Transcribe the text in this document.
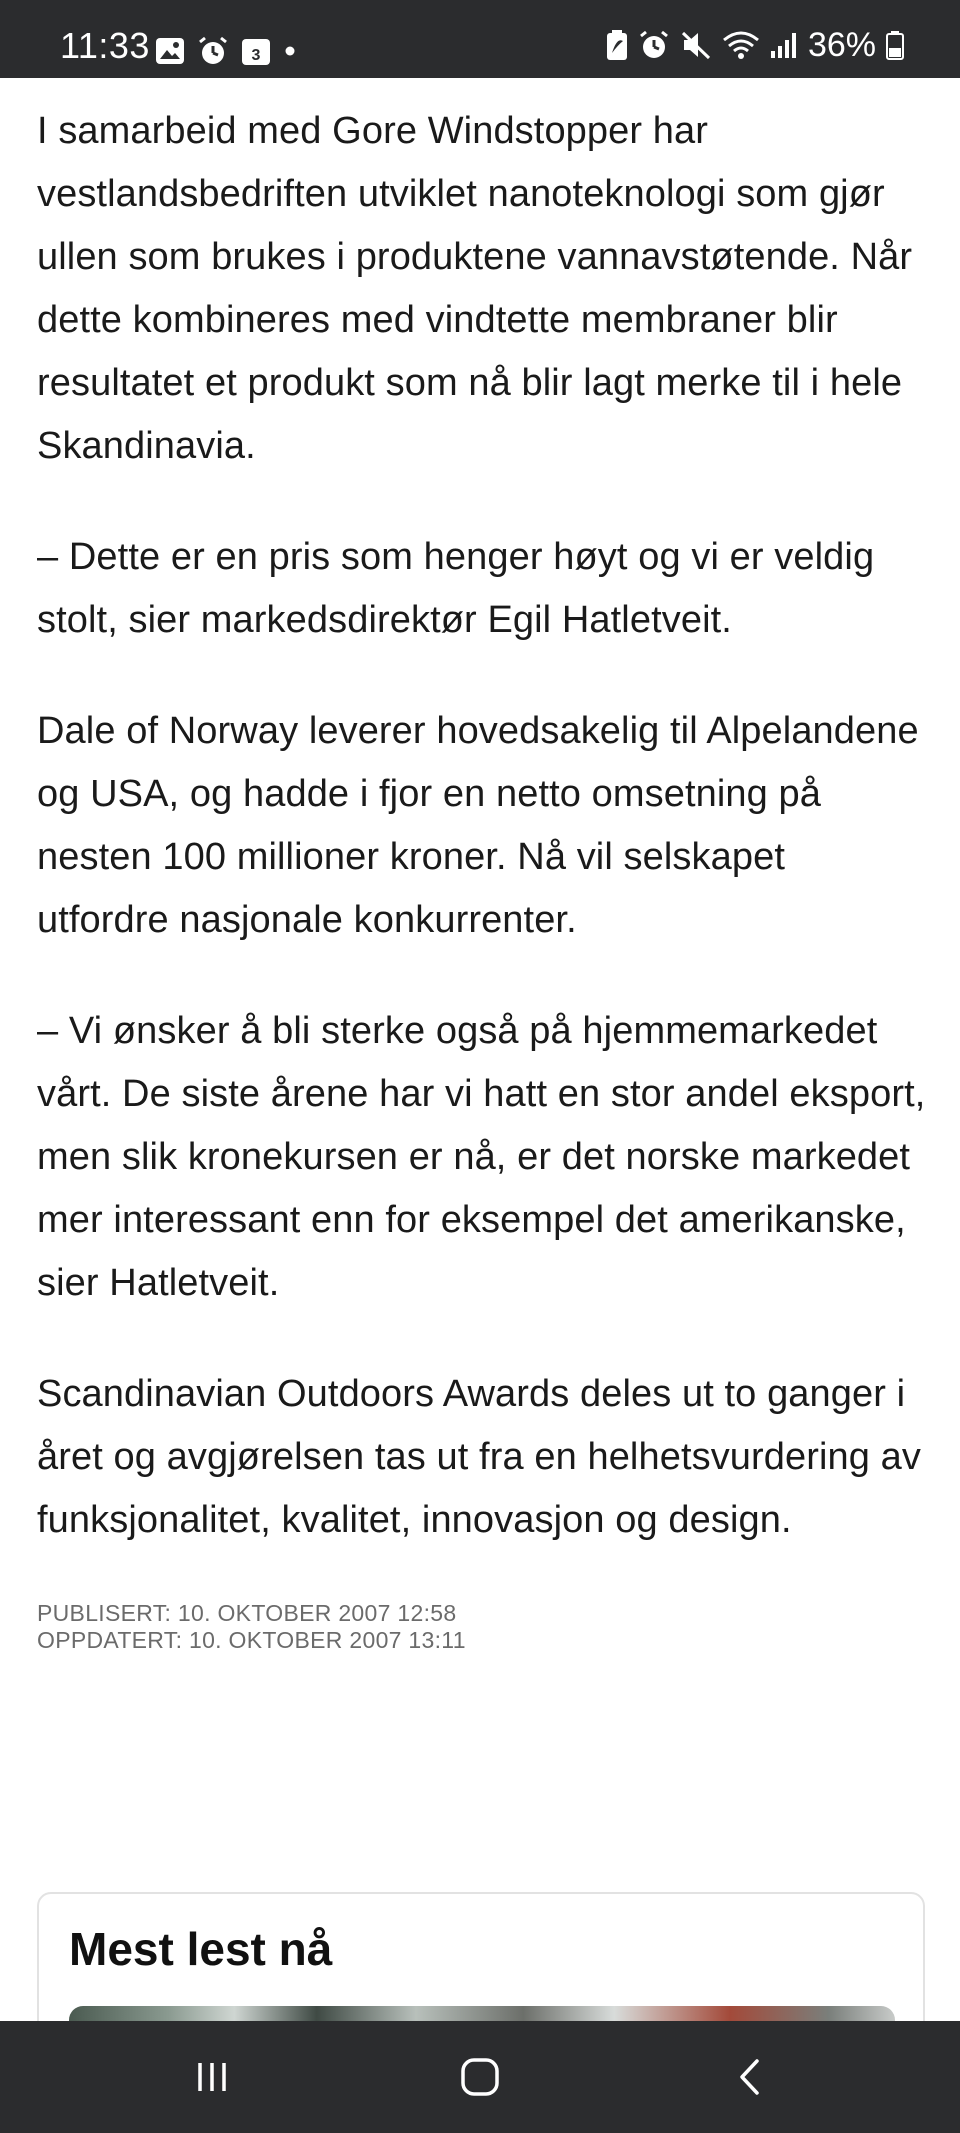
11:33	3	36%

I samarbeid med Gore Windstopper har vestlandsbedriften utviklet nanoteknologi som gjør ullen som brukes i produktene vannavstøtende. Når dette kombineres med vindtette membraner blir resultatet et produkt som nå blir lagt merke til i hele Skandinavia.

– Dette er en pris som henger høyt og vi er veldig stolt, sier markedsdirektør Egil Hatletveit.

Dale of Norway leverer hovedsakelig til Alpelandene og USA, og hadde i fjor en netto omsetning på nesten 100 millioner kroner. Nå vil selskapet utfordre nasjonale konkurrenter.

– Vi ønsker å bli sterke også på hjemmemarkedet vårt. De siste årene har vi hatt en stor andel eksport, men slik kronekursen er nå, er det norske markedet mer interessant enn for eksempel det amerikanske, sier Hatletveit.

Scandinavian Outdoors Awards deles ut to ganger i året og avgjørelsen tas ut fra en helhetsvurdering av funksjonalitet, kvalitet, innovasjon og design.

PUBLISERT: 10. OKTOBER 2007 12:58
OPPDATERT: 10. OKTOBER 2007 13:11
Mest lest nå
